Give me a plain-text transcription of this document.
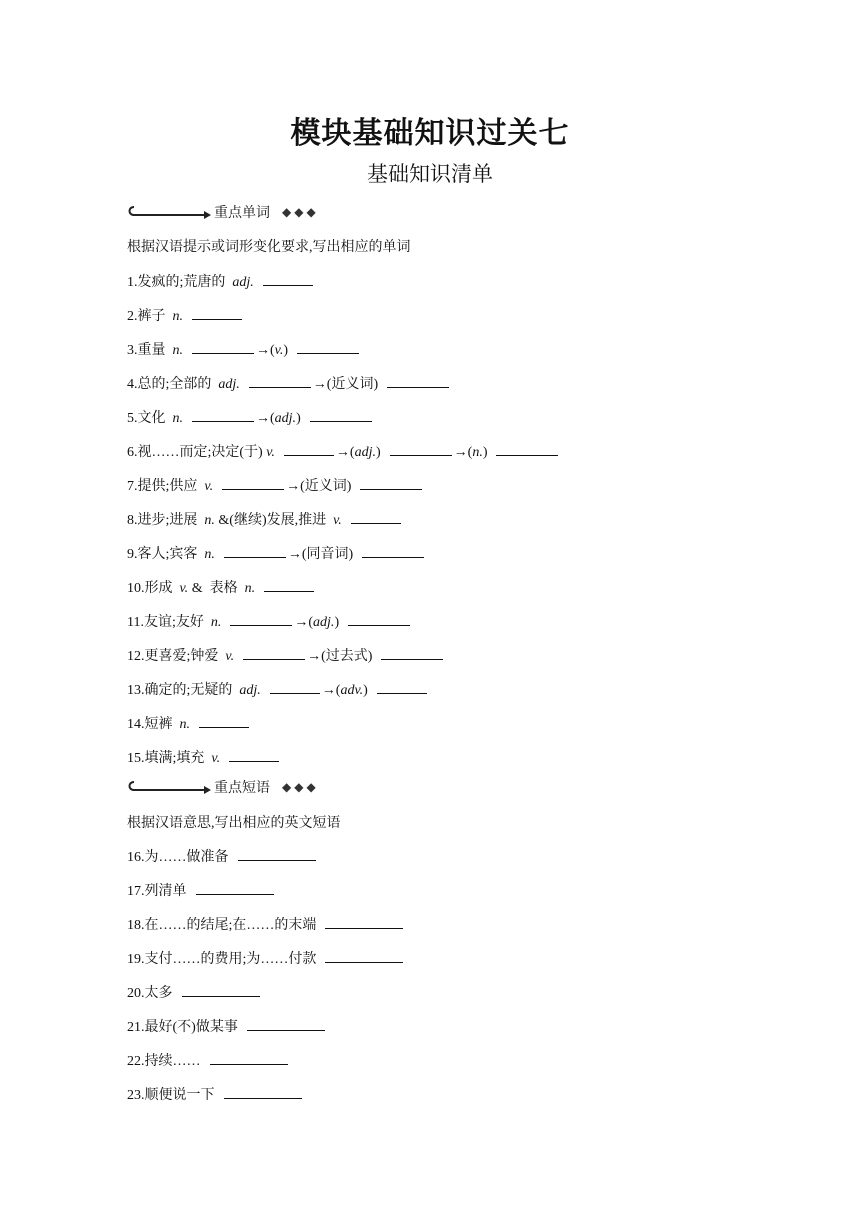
模块基础知识过关七
基础知识清单
重点单词 ◆◆◆
根据汉语提示或词形变化要求,写出相应的单词
1.发疯的;荒唐的 adj.
2.裤子 n.
3.重量 n.	→(v.)
4.总的;全部的 adj.	→(近义词)
5.文化 n.	→(adj.)
6.视……而定;决定(于) v.	→(adj.)	→(n.)
7.提供;供应 v.	→(近义词)
8.进步;进展 n. &(继续)发展,推进 v.
9.客人;宾客 n.	→(同音词)
10.形成 v. & 表格 n.
11.友谊;友好 n.	→(adj.)
12.更喜爱;钟爱 v.	→(过去式)
13.确定的;无疑的 adj.	→(adv.)
14.短裤 n.
15.填满;填充 v.
重点短语 ◆◆◆
根据汉语意思,写出相应的英文短语
16.为……做准备
17.列清单
18.在……的结尾;在……的末端
19.支付……的费用;为……付款
20.太多
21.最好(不)做某事
22.持续……
23.顺便说一下
